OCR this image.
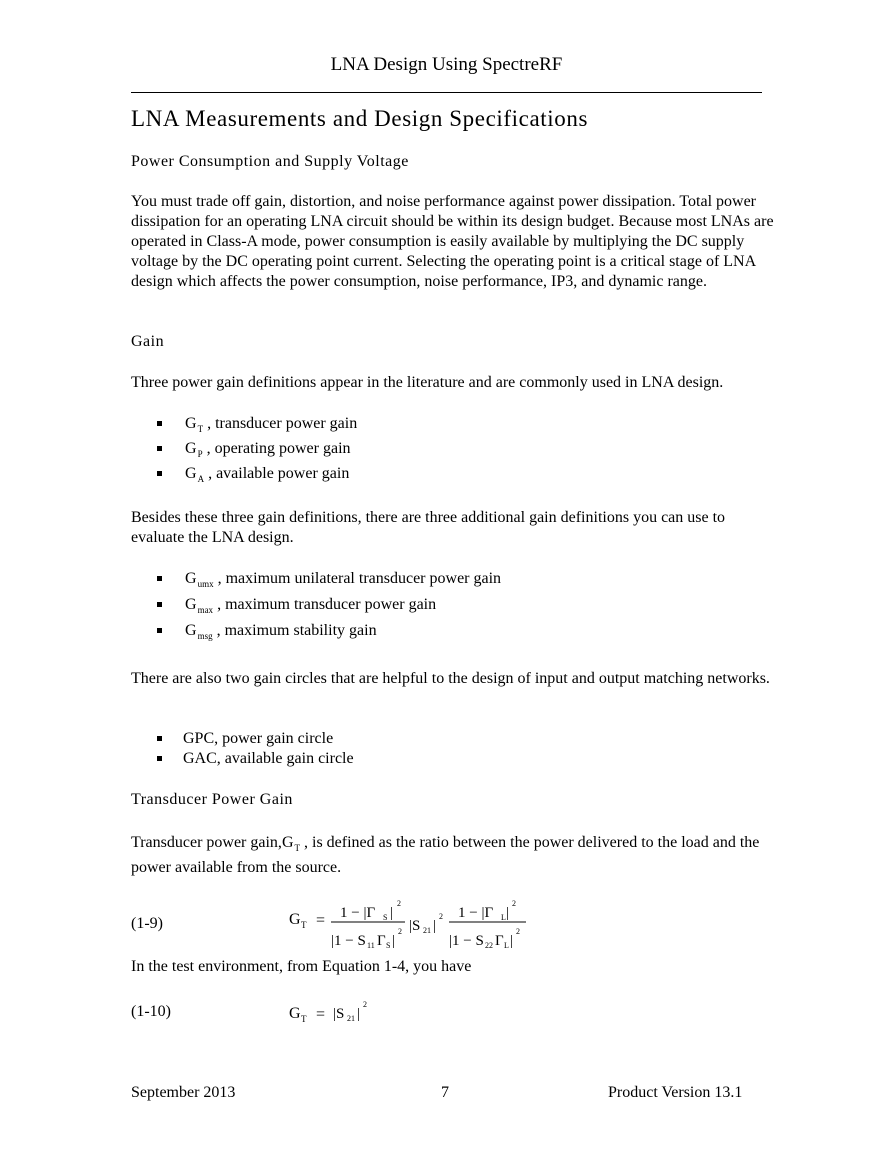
LNA Design Using SpectreRF
LNA Measurements and Design Specifications
Power Consumption and Supply Voltage
You must trade off gain, distortion, and noise performance against power dissipation. Total power dissipation for an operating LNA circuit should be within its design budget. Because most LNAs are operated in Class-A mode, power consumption is easily available by multiplying the DC supply voltage by the DC operating point current. Selecting the operating point is a critical stage of LNA design which affects the power consumption, noise performance, IP3, and dynamic range.
Gain
Three power gain definitions appear in the literature and are commonly used in LNA design.
$G_T$ , transducer power gain
$G_P$ , operating power gain
$G_A$ , available power gain
Besides these three gain definitions, there are three additional gain definitions you can use to evaluate the LNA design.
$G_{umx}$ , maximum unilateral transducer power gain
$G_{max}$ , maximum transducer power gain
$G_{msg}$ , maximum stability gain
There are also two gain circles that are helpful to the design of input and output matching networks.
GPC, power gain circle
GAC, available gain circle
Transducer Power Gain
Transducer power $gain,G_T$ , is defined as the ratio between the power delivered to the load and the power available from the source.
(1-9)	G T = 1 − |Γ S |
2
|1 − S 11 Γ S |
2 |S 21 |
2 1 − |Γ L |
2
|1 − S 22 Γ L |
2
In the test environment, from Equation 1-4, you have
(1-10)	G T = |S 21 |
2
September 2013	7	Product Version 13.1
